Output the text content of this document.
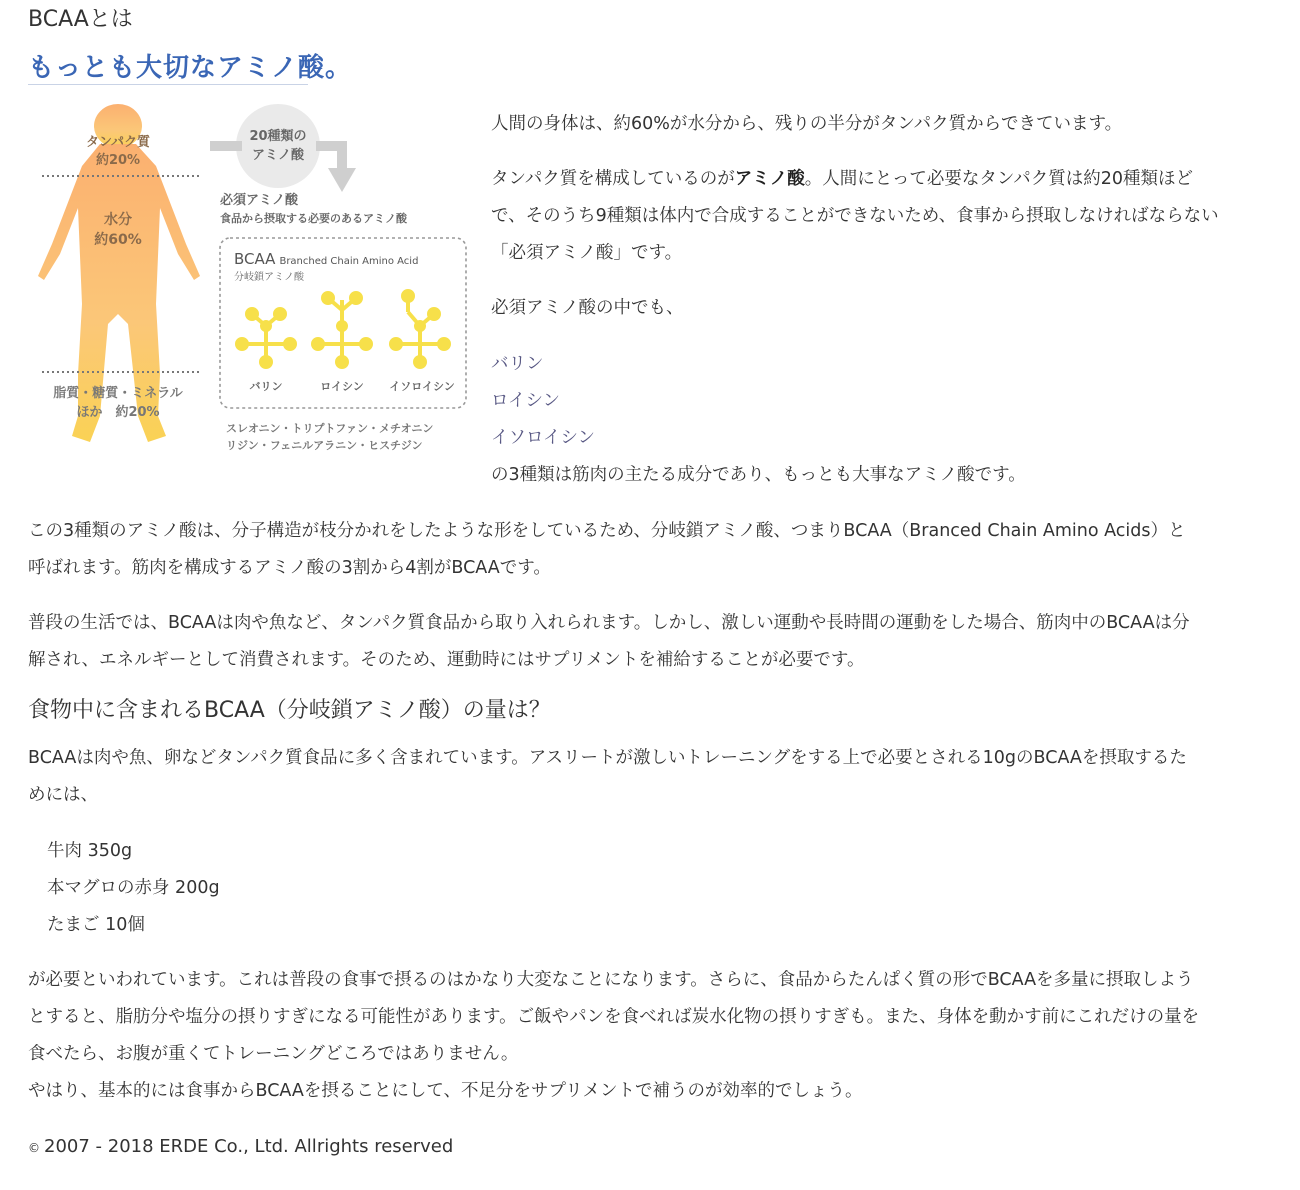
BCAAとは
もっとも大切なアミノ酸。
タンパク質
約20%
水分
約60%
脂質・糖質・ミネラル
ほか　約20%
20種類の
アミノ酸
必須アミノ酸
食品から摂取する必要のあるアミノ酸
BCAA Branched Chain Amino Acid
分岐鎖アミノ酸
バリン	ロイシン イソロイシン
スレオニン・トリプトファン・メチオニン
リジン・フェニルアラニン・ヒスチジン
人間の身体は、約60%が水分から、残りの半分がタンパク質からできています。
タンパク質を構成しているのがアミノ酸。人間にとって必要なタンパク質は約20種類ほど
で、そのうち9種類は体内で合成することができないため、食事から摂取しなければならない
「必須アミノ酸」です。
必須アミノ酸の中でも、
バリン
ロイシン
イソロイシン
の3種類は筋肉の主たる成分であり、もっとも大事なアミノ酸です。
この3種類のアミノ酸は、分子構造が枝分かれをしたような形をしているため、分岐鎖アミノ酸、つまりBCAA（Branced Chain Amino Acids）と
呼ばれます。筋肉を構成するアミノ酸の3割から4割がBCAAです。
普段の生活では、BCAAは肉や魚など、タンパク質食品から取り入れられます。しかし、激しい運動や長時間の運動をした場合、筋肉中のBCAAは分
解され、エネルギーとして消費されます。そのため、運動時にはサプリメントを補給することが必要です。
食物中に含まれるBCAA（分岐鎖アミノ酸）の量は？
BCAAは肉や魚、卵などタンパク質食品に多く含まれています。アスリートが激しいトレーニングをする上で必要とされる10gのBCAAを摂取するた
めには、
牛肉 350g
本マグロの赤身 200g
たまご 10個
が必要といわれています。これは普段の食事で摂るのはかなり大変なことになります。さらに、食品からたんぱく質の形でBCAAを多量に摂取しよう
とすると、脂肪分や塩分の摂りすぎになる可能性があります。ご飯やパンを食べれば炭水化物の摂りすぎも。また、身体を動かす前にこれだけの量を
食べたら、お腹が重くてトレーニングどころではありません。
やはり、基本的には食事からBCAAを摂ることにして、不足分をサプリメントで補うのが効率的でしょう。
© 2007 - 2018 ERDE Co., Ltd. Allrights reserved
